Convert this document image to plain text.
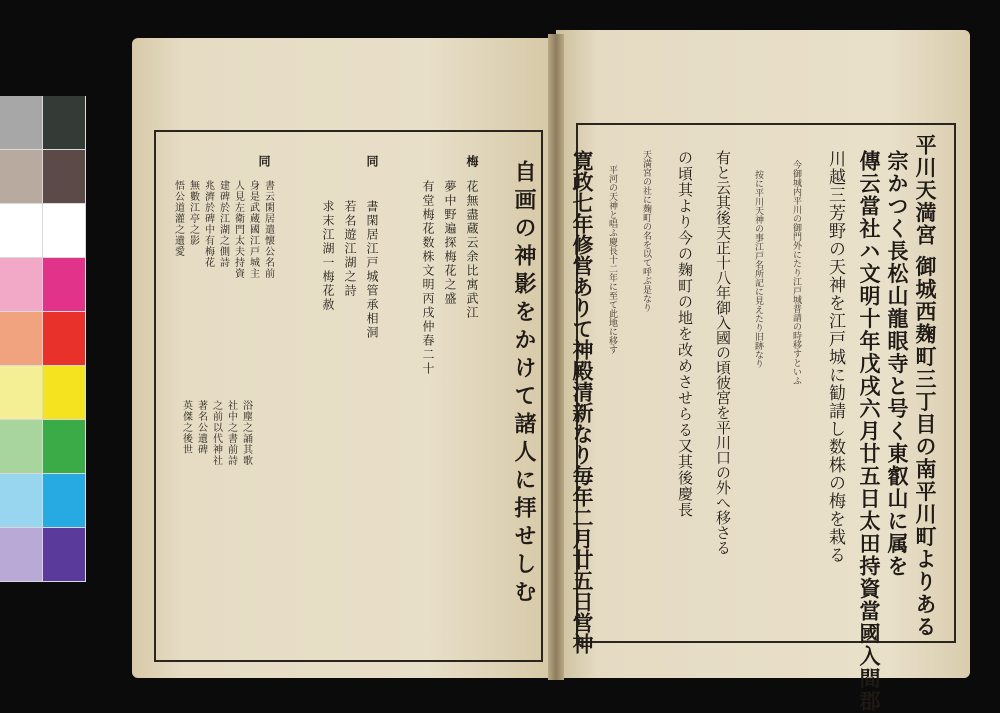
平川天満宮 御城西麹町三丁目の南平川町よりある
宗かつく長松山龍眼寺と号く東叡山に属を
傳云當社ハ文明十年戊戌六月廿五日太田持資當國入間郡
川越三芳野の天神を江戸城に勧請し数株の梅を栽る
有と云其後天正十八年御入國の頃彼宮を平川口の外へ移さる
の頃其より今の麹町の地を改めさせらる又其後慶長
寛政七年修営ありて神殿清新なり毎年二月廿五日営神	今御城内平川の御門外にたり江戸城普請の時移すといふ
按に平川天神の事江戸名所記に見えたり旧跡なり
天満宮の社に麹町の名を以て呼ぶ是なり
平河の天神と唱ふ慶長十二年に至て此地に移す
自画の神影をかけて諸人に拝せしむ
梅
花無盡蔵云余比寓武江
夢中野遍探梅花之盛
有堂梅花数株文明丙戌仲春二十
同
書閑居江戸城管承相洞
若名遊江湖之詩
求末江湖一梅花赦
同
書云閑居遣懐公名前
身是武蔵國江戸城主
人見左衛門太夫持資
建碑於江湖之側詩
兆濟於碑中有梅花
無數江亭之影
悟公道灌之遺愛
浴塵之誦其歌
社中之書前詩
之前以代神社
著名公遺碑
英傑之後世
